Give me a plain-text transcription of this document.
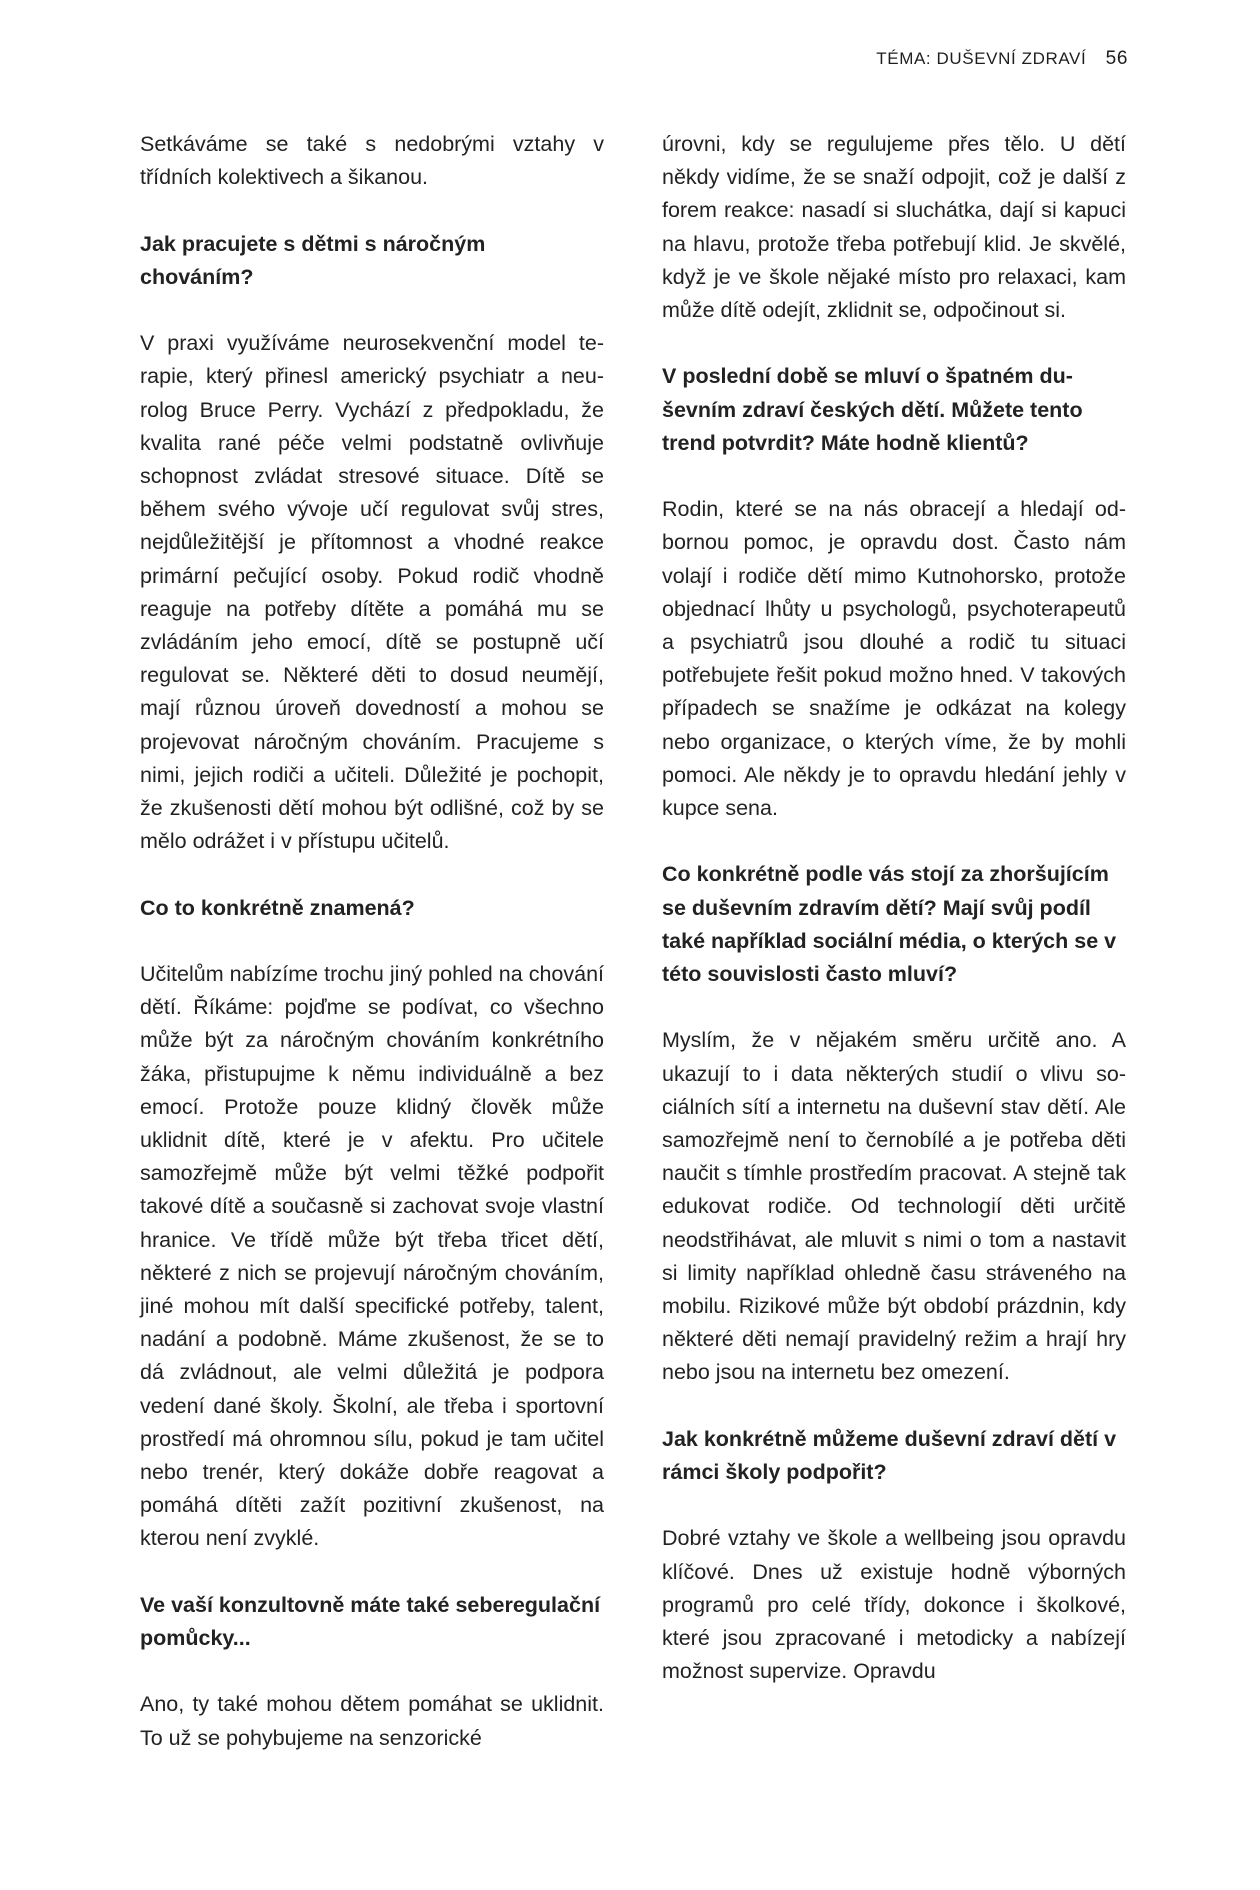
TÉMA: DUŠEVNÍ ZDRAVÍ 56

Setkáváme se také s nedobrými vztahy v třídních kolektivech a šikanou.

Jak pracujete s dětmi s náročným chováním?

V praxi využíváme neurosekvenční model terapie, který přinesl americký psychiatr a neurolog Bruce Perry. Vychází z předpokladu, že kvalita rané péče velmi podstatně ovlivňuje schopnost zvládat stresové situace. Dítě se během svého vývoje učí regulovat svůj stres, nejdůležitější je přítomnost a vhodné reakce primární pečující osoby. Pokud rodič vhodně reaguje na potřeby dítěte a pomáhá mu se zvládáním jeho emocí, dítě se postupně učí regulovat se. Některé děti to dosud neumějí, mají různou úroveň dovedností a mohou se projevovat náročným chováním. Pracujeme s nimi, jejich rodiči a učiteli. Důležité je pochopit, že zkušenosti dětí mohou být odlišné, což by se mělo odrážet i v přístupu učitelů.

Co to konkrétně znamená?

Učitelům nabízíme trochu jiný pohled na chování dětí. Říkáme: pojďme se podívat, co všechno může být za náročným chováním konkrétního žáka, přistupujme k němu individuálně a bez emocí. Protože pouze klidný člověk může uklidnit dítě, které je v afektu. Pro učitele samozřejmě může být velmi těžké podpořit takové dítě a současně si zachovat svoje vlastní hranice. Ve třídě může být třeba třicet dětí, některé z nich se projevují náročným chováním, jiné mohou mít další specifické potřeby, talent, nadání a podobně. Máme zkušenost, že se to dá zvládnout, ale velmi důležitá je podpora vedení dané školy. Školní, ale třeba i sportovní prostředí má ohromnou sílu, pokud je tam učitel nebo trenér, který dokáže dobře reagovat a pomáhá dítěti zažít pozitivní zkušenost, na kterou není zvyklé.

Ve vaší konzultovně máte také seberegulační pomůcky...

Ano, ty také mohou dětem pomáhat se uklidnit. To už se pohybujeme na senzorické

úrovni, kdy se regulujeme přes tělo. U dětí někdy vidíme, že se snaží odpojit, což je další z forem reakce: nasadí si sluchátka, dají si kapuci na hlavu, protože třeba potřebují klid. Je skvělé, když je ve škole nějaké místo pro relaxaci, kam může dítě odejít, zklidnit se, odpočinout si.

V poslední době se mluví o špatném duševním zdraví českých dětí. Můžete tento trend potvrdit? Máte hodně klientů?

Rodin, které se na nás obracejí a hledají odbornou pomoc, je opravdu dost. Často nám volají i rodiče dětí mimo Kutnohorsko, protože objednací lhůty u psychologů, psychoterapeutů a psychiatrů jsou dlouhé a rodič tu situaci potřebujete řešit pokud možno hned. V takových případech se snažíme je odkázat na kolegy nebo organizace, o kterých víme, že by mohli pomoci. Ale někdy je to opravdu hledání jehly v kupce sena.

Co konkrétně podle vás stojí za zhoršujícím se duševním zdravím dětí? Mají svůj podíl také například sociální média, o kterých se v této souvislosti často mluví?

Myslím, že v nějakém směru určitě ano. A ukazují to i data některých studií o vlivu sociálních sítí a internetu na duševní stav dětí. Ale samozřejmě není to černobílé a je potřeba děti naučit s tímhle prostředím pracovat. A stejně tak edukovat rodiče. Od technologií děti určitě neodstřihávat, ale mluvit s nimi o tom a nastavit si limity například ohledně času stráveného na mobilu. Rizikové může být období prázdnin, kdy některé děti nemají pravidelný režim a hrají hry nebo jsou na internetu bez omezení.

Jak konkrétně můžeme duševní zdraví dětí v rámci školy podpořit?

Dobré vztahy ve škole a wellbeing jsou opravdu klíčové. Dnes už existuje hodně výborných programů pro celé třídy, dokonce i školkové, které jsou zpracované i metodicky a nabízejí možnost supervize. Opravdu
